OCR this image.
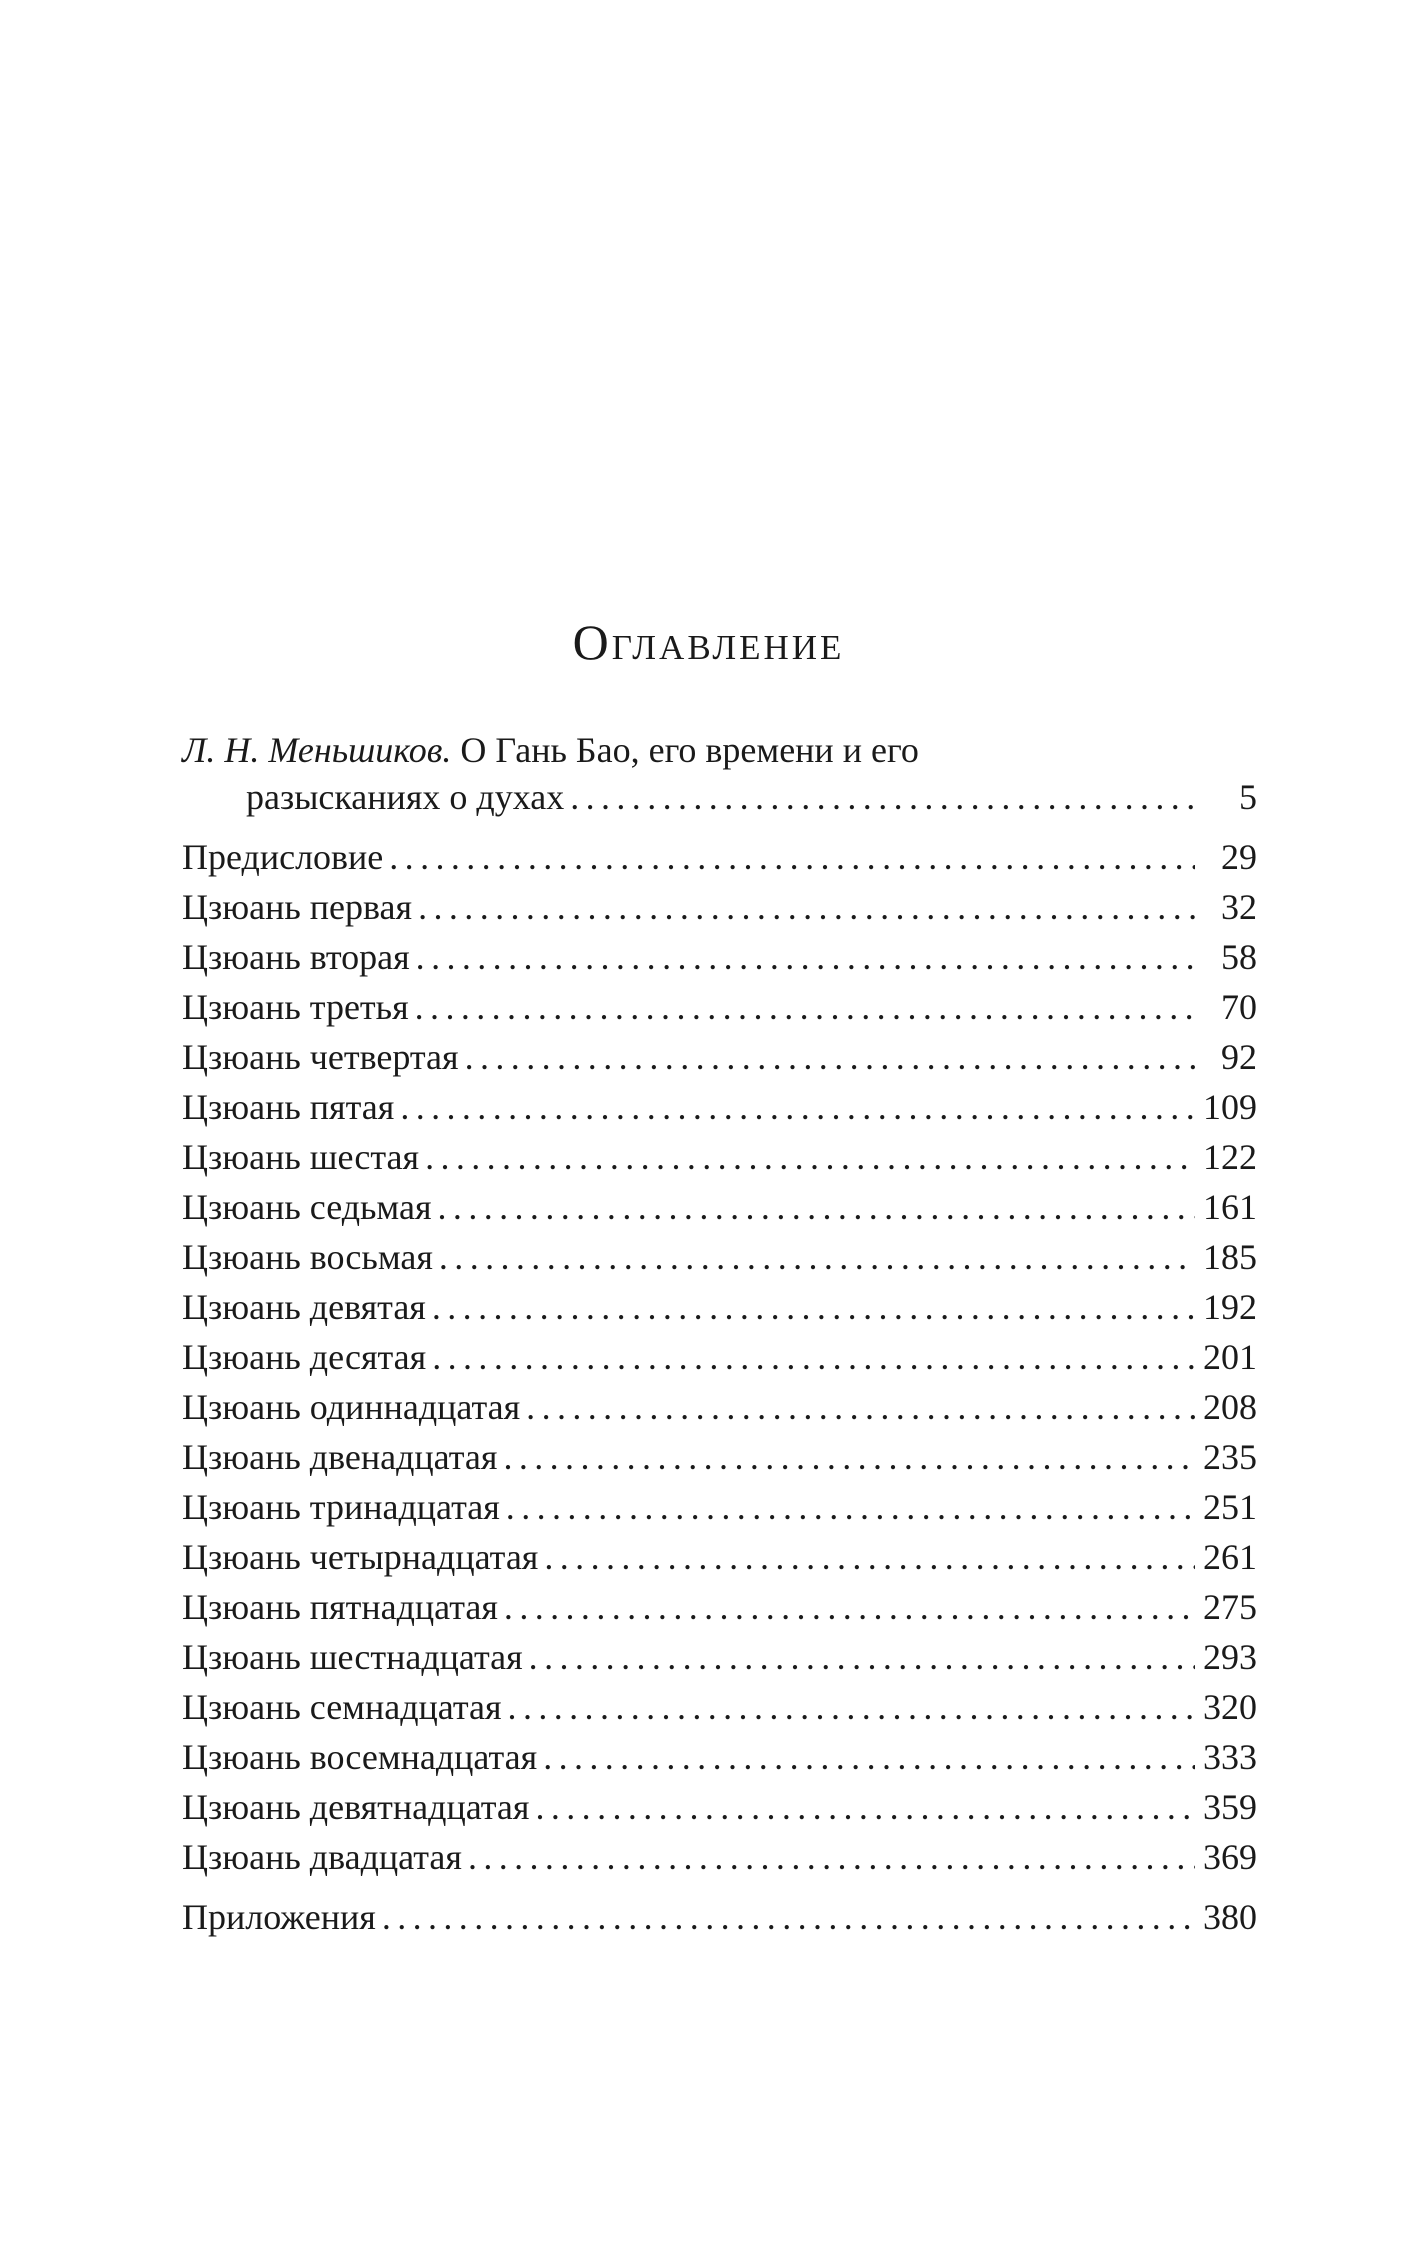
Оглавление
Л. Н. Меньшиков. О Гань Бао, его времени и его
разысканиях о духах .....	5
Предисловие .....	29
Цзюань первая .....	32
Цзюань вторая .....	58
Цзюань третья .....	70
Цзюань четвертая .....	92
Цзюань пятая .....	109
Цзюань шестая .....	122
Цзюань седьмая .....	161
Цзюань восьмая .....	185
Цзюань девятая .....	192
Цзюань десятая .....	201
Цзюань одиннадцатая .....	208
Цзюань двенадцатая .....	235
Цзюань тринадцатая .....	251
Цзюань четырнадцатая .....	261
Цзюань пятнадцатая .....	275
Цзюань шестнадцатая .....	293
Цзюань семнадцатая .....	320
Цзюань восемнадцатая .....	333
Цзюань девятнадцатая .....	359
Цзюань двадцатая .....	369
Приложения .....	380
